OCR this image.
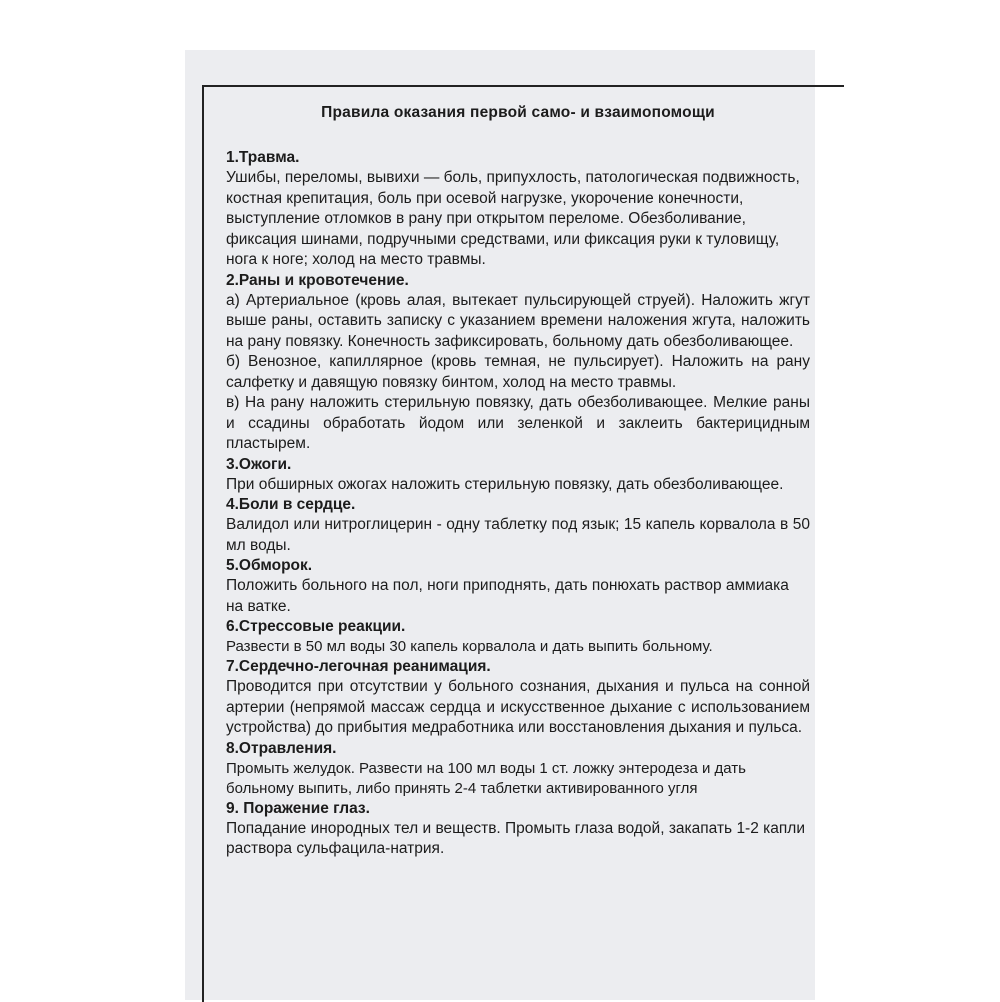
Правила оказания первой само- и взаимопомощи
1.Травма.

Ушибы, переломы, вывихи — боль, припухлость, патологическая подвижность, костная крепитация, боль при осевой нагрузке, укорочение конечности, выступление отломков в рану при открытом переломе. Обезболивание, фиксация шинами, подручными средствами, или фиксация руки к туловищу, нога к ноге; холод на место травмы.

2.Раны и кровотечение.

а) Артериальное (кровь алая, вытекает пульсирующей струей). Наложить жгут выше раны, оставить записку с указанием времени наложения жгута, наложить на рану повязку. Конечность зафиксировать, больному дать обезболивающее.

б) Венозное, капиллярное (кровь темная, не пульсирует). Наложить на рану салфетку и давящую повязку бинтом, холод на место травмы.

в) На рану наложить стерильную повязку, дать обезболивающее. Мелкие раны и ссадины обработать йодом или зеленкой и заклеить бактерицидным пластырем.

3.Ожоги.

При обширных ожогах наложить стерильную повязку, дать обезболивающее.

4.Боли в сердце.

Валидол или нитроглицерин - одну таблетку под язык; 15 капель корвалола в 50 мл воды.

5.Обморок.

Положить больного на пол, ноги приподнять, дать понюхать раствор аммиака на ватке.

6.Стрессовые реакции.

Развести в 50 мл воды 30 капель корвалола и дать выпить больному.

7.Сердечно-легочная реанимация.

Проводится при отсутствии у больного сознания, дыхания и пульса на сонной артерии (непрямой массаж сердца и искусственное дыхание с использованием устройства) до прибытия медработника или восстановления дыхания и пульса.

8.Отравления.

Промыть желудок. Развести на 100 мл воды 1 ст. ложку энтеродеза и дать больному выпить, либо принять 2-4 таблетки активированного угля

9. Поражение глаз.

Попадание инородных тел и веществ. Промыть глаза водой, закапать 1-2 капли раствора сульфацила-натрия.
